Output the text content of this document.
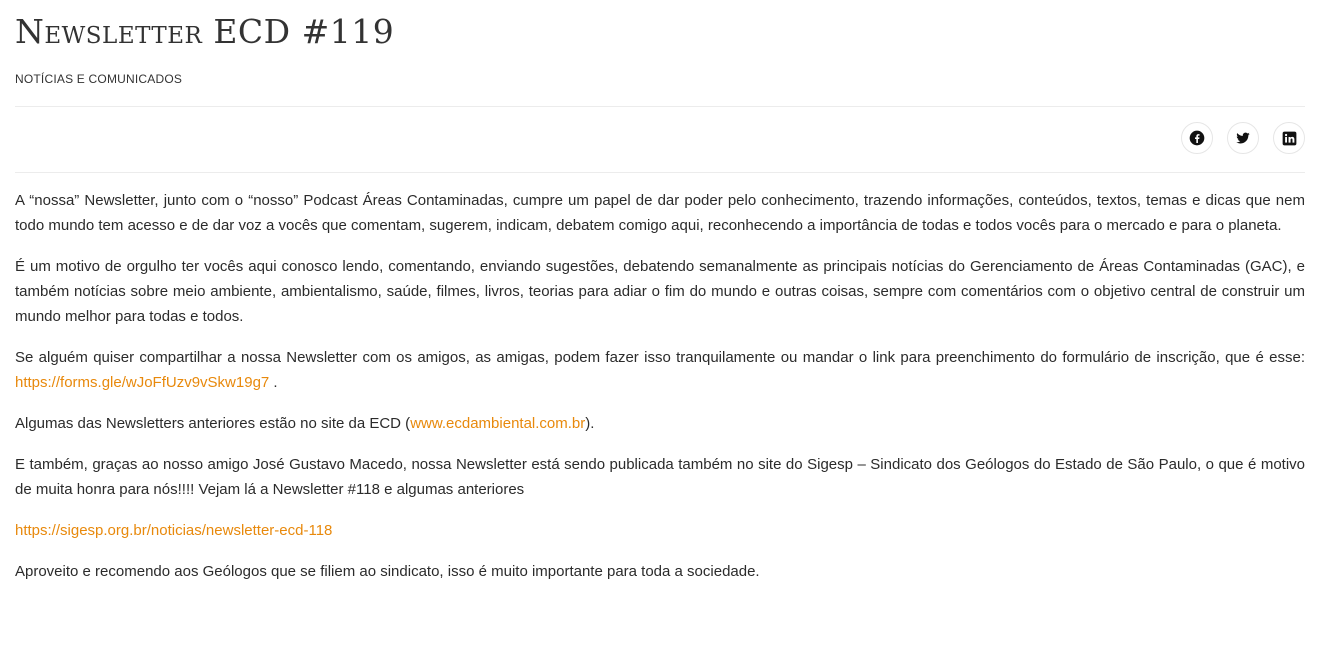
Newsletter ECD #119
NOTÍCIAS E COMUNICADOS

A “nossa” Newsletter, junto com o “nosso” Podcast Áreas Contaminadas, cumpre um papel de dar poder pelo conhecimento, trazendo informações, conteúdos, textos, temas e dicas que nem todo mundo tem acesso e de dar voz a vocês que comentam, sugerem, indicam, debatem comigo aqui, reconhecendo a importância de todas e todos vocês para o mercado e para o planeta.

É um motivo de orgulho ter vocês aqui conosco lendo, comentando, enviando sugestões, debatendo semanalmente as principais notícias do Gerenciamento de Áreas Contaminadas (GAC), e também notícias sobre meio ambiente, ambientalismo, saúde, filmes, livros, teorias para adiar o fim do mundo e outras coisas, sempre com comentários com o objetivo central de construir um mundo melhor para todas e todos.

Se alguém quiser compartilhar a nossa Newsletter com os amigos, as amigas, podem fazer isso tranquilamente ou mandar o link para preenchimento do formulário de inscrição, que é esse: https://forms.gle/wJoFfUzv9vSkw19g7 .

Algumas das Newsletters anteriores estão no site da ECD (www.ecdambiental.com.br).

E também, graças ao nosso amigo José Gustavo Macedo, nossa Newsletter está sendo publicada também no site do Sigesp – Sindicato dos Geólogos do Estado de São Paulo, o que é motivo de muita honra para nós!!!! Vejam lá a Newsletter #118 e algumas anteriores

https://sigesp.org.br/noticias/newsletter-ecd-118

Aproveito e recomendo aos Geólogos que se filiem ao sindicato, isso é muito importante para toda a sociedade.
